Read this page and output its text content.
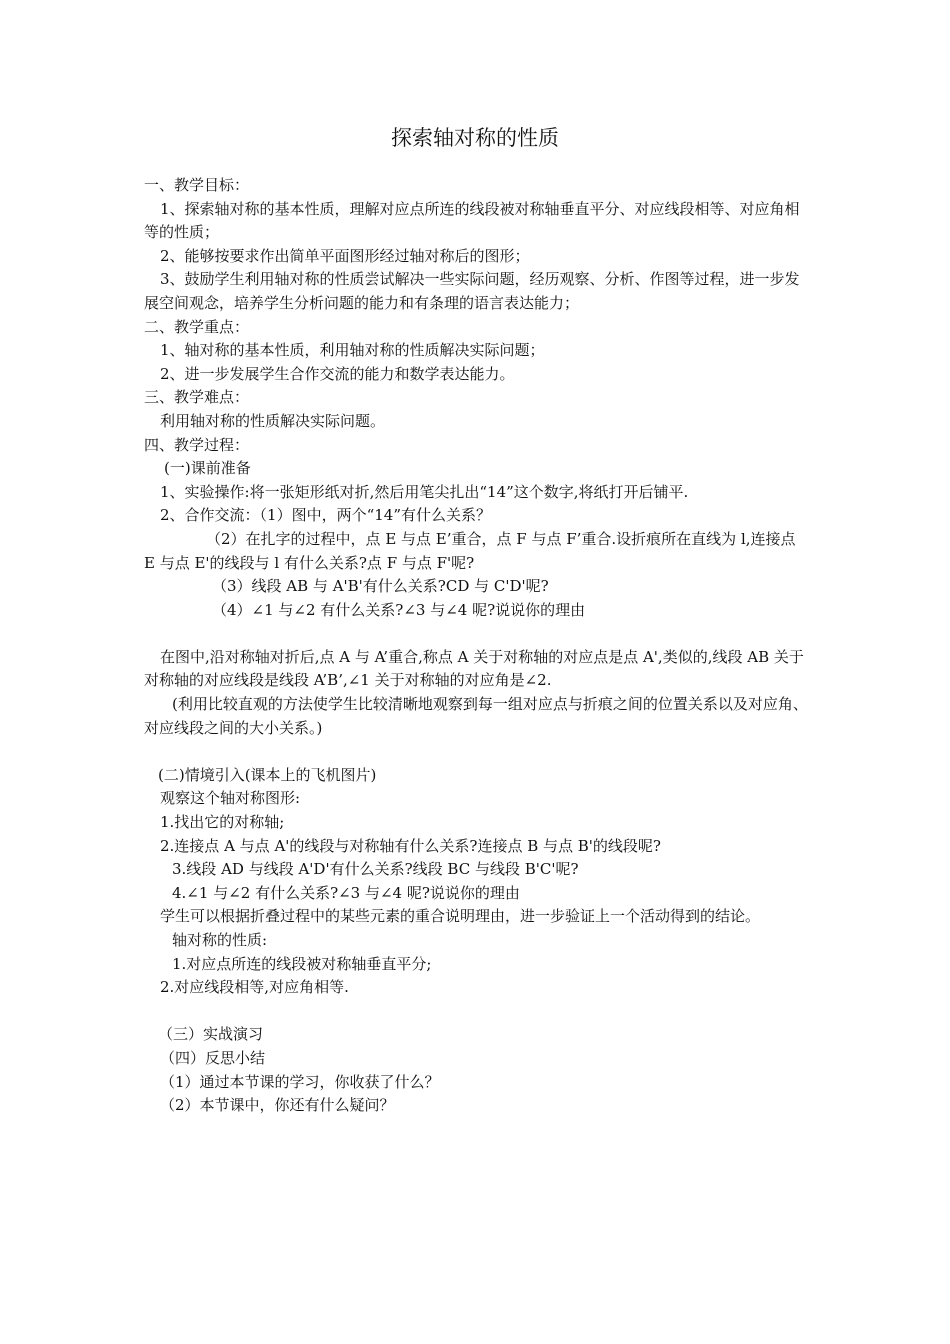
探索轴对称的性质
一、教学目标：
1、探索轴对称的基本性质，理解对应点所连的线段被对称轴垂直平分、对应线段相等、对应角相等的性质；
2、能够按要求作出简单平面图形经过轴对称后的图形；
3、鼓励学生利用轴对称的性质尝试解决一些实际问题，经历观察、分析、作图等过程，进一步发展空间观念，培养学生分析问题的能力和有条理的语言表达能力；
二、教学重点：
1、轴对称的基本性质，利用轴对称的性质解决实际问题；
2、进一步发展学生合作交流的能力和数学表达能力。
三、教学难点：
利用轴对称的性质解决实际问题。
四、教学过程：
(一)课前准备
1、实验操作:将一张矩形纸对折,然后用笔尖扎出“14”这个数字,将纸打开后铺平.
2、合作交流：（1）图中，两个“14”有什么关系？
（2）在扎字的过程中，点 E 与点 E’重合，点 F 与点 F’重合.设折痕所在直线为 l,连接点 E 与点 E'的线段与 l 有什么关系?点 F 与点 F'呢?
（3）线段 AB 与 A'B'有什么关系?CD 与 C'D'呢?
（4）∠1 与∠2 有什么关系?∠3 与∠4 呢?说说你的理由
在图中,沿对称轴对折后,点 A 与 A’重合,称点 A 关于对称轴的对应点是点 A',类似的,线段 AB 关于对称轴的对应线段是线段 A’B’,∠1 关于对称轴的对应角是∠2.
(利用比较直观的方法使学生比较清晰地观察到每一组对应点与折痕之间的位置关系以及对应角、对应线段之间的大小关系。)
(二)情境引入(课本上的飞机图片)
观察这个轴对称图形:
1.找出它的对称轴;
2.连接点 A 与点 A'的线段与对称轴有什么关系?连接点 B 与点 B'的线段呢?
3.线段 AD 与线段 A'D'有什么关系?线段 BC 与线段 B'C'呢?
4.∠1 与∠2 有什么关系?∠3 与∠4 呢?说说你的理由
学生可以根据折叠过程中的某些元素的重合说明理由，进一步验证上一个活动得到的结论。
轴对称的性质:
1.对应点所连的线段被对称轴垂直平分;
2.对应线段相等,对应角相等.
（三）实战演习
（四）反思小结
（1）通过本节课的学习，你收获了什么？
（2）本节课中，你还有什么疑问？
